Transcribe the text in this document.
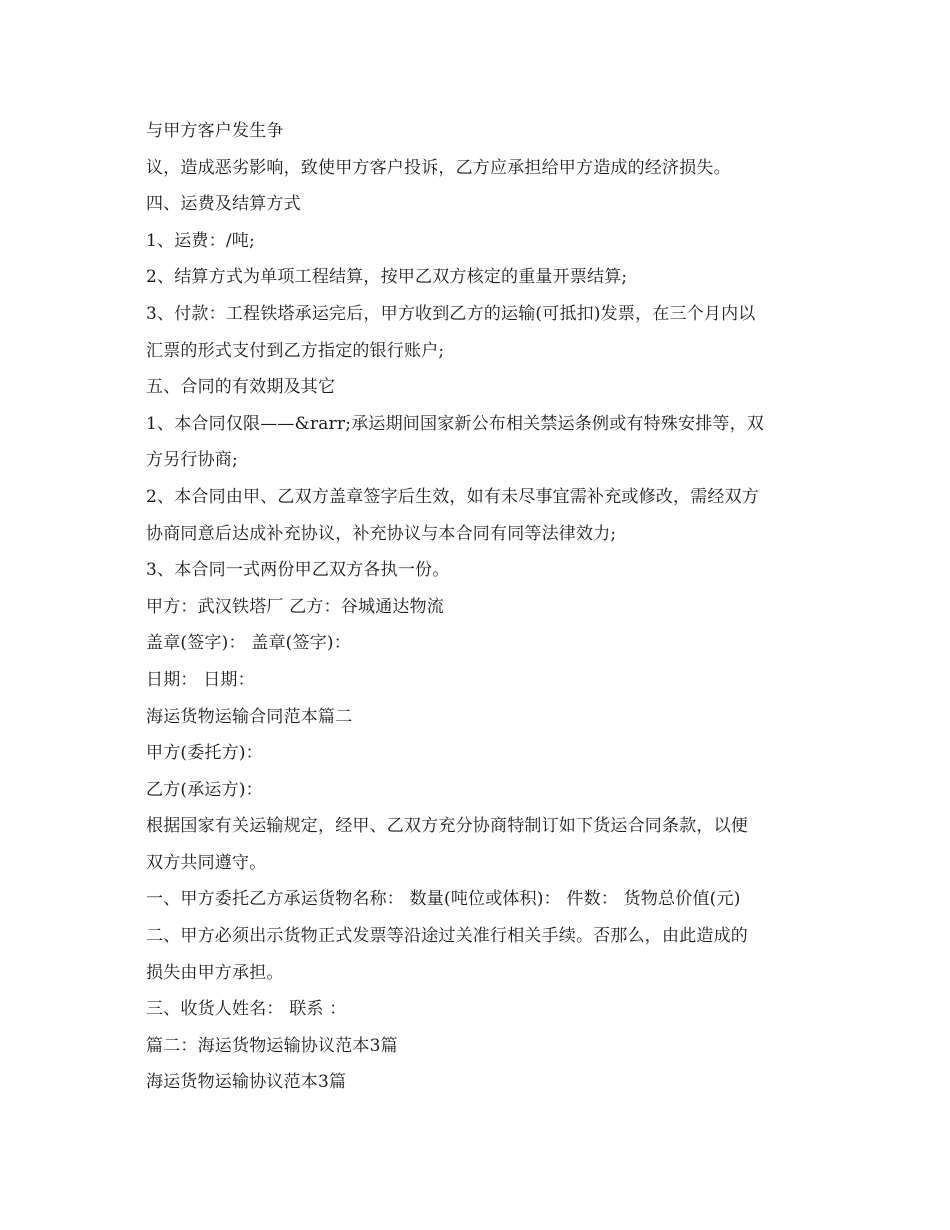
与甲方客户发生争
议，造成恶劣影响，致使甲方客户投诉，乙方应承担给甲方造成的经济损失。
四、运费及结算方式
1、运费：/吨;
2、结算方式为单项工程结算，按甲乙双方核定的重量开票结算;
3、付款：工程铁塔承运完后，甲方收到乙方的运输(可抵扣)发票，在三个月内以
汇票的形式支付到乙方指定的银行账户;
五、合同的有效期及其它
1、本合同仅限——&rarr;承运期间国家新公布相关禁运条例或有特殊安排等，双
方另行协商;
2、本合同由甲、乙双方盖章签字后生效，如有未尽事宜需补充或修改，需经双方
协商同意后达成补充协议，补充协议与本合同有同等法律效力;
3、本合同一式两份甲乙双方各执一份。
甲方：武汉铁塔厂 乙方：谷城通达物流
盖章(签字)： 盖章(签字)：
日期： 日期：
海运货物运输合同范本篇二
甲方(委托方)：
乙方(承运方)：
根据国家有关运输规定，经甲、乙双方充分协商特制订如下货运合同条款，以便
双方共同遵守。
一、甲方委托乙方承运货物名称： 数量(吨位或体积)： 件数： 货物总价值(元)
二、甲方必须出示货物正式发票等沿途过关准行相关手续。否那么，由此造成的
损失由甲方承担。
三、收货人姓名： 联系 ：
篇二：海运货物运输协议范本3篇
海运货物运输协议范本3篇
